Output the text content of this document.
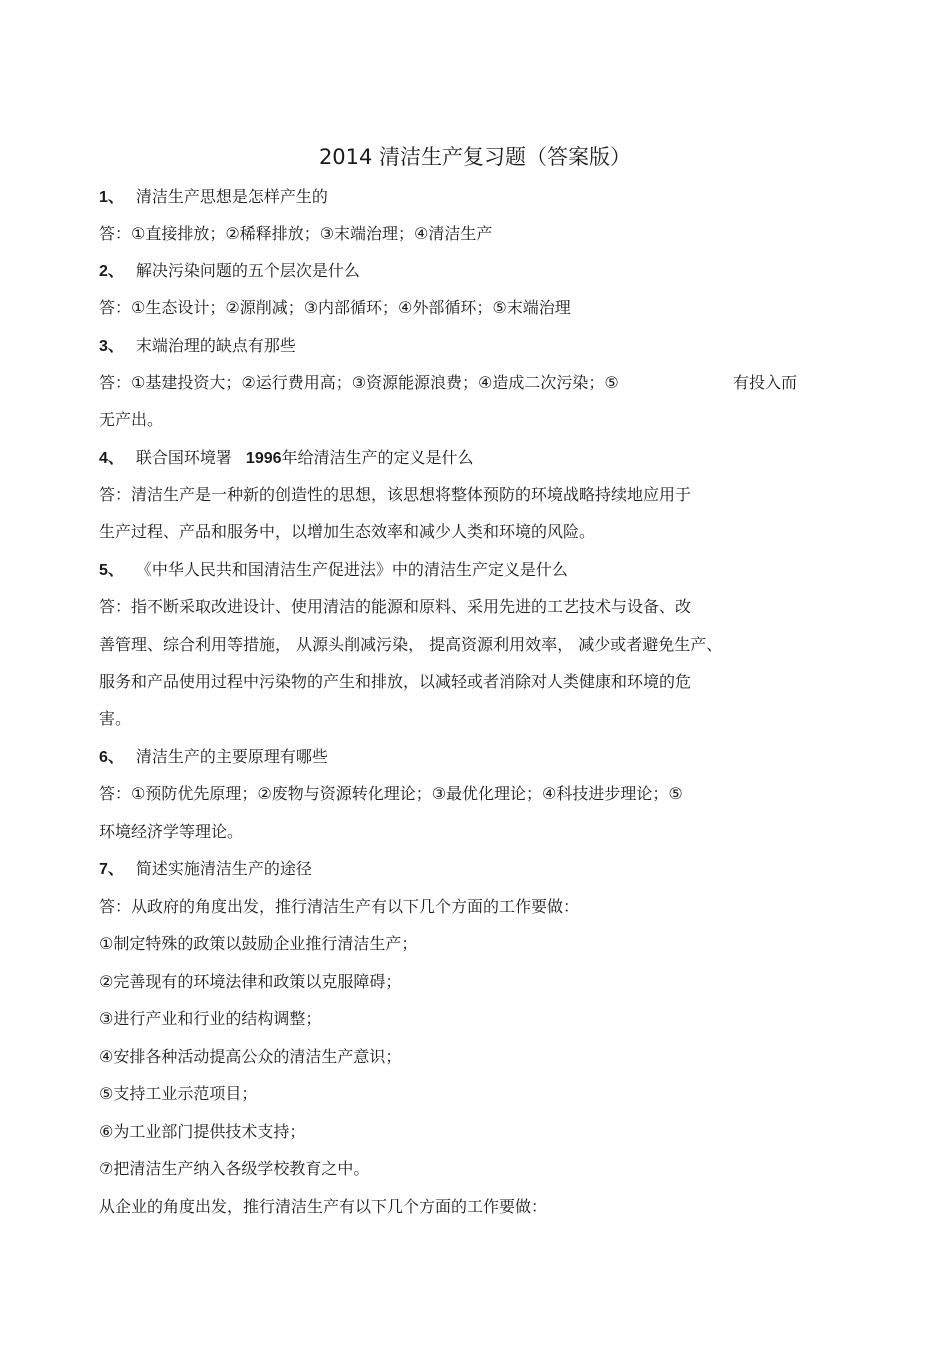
2014 清洁生产复习题（答案版）
1、 清洁生产思想是怎样产生的
答：①直接排放；②稀释排放；③末端治理；④清洁生产
2、 解决污染问题的五个层次是什么
答：①生态设计；②源削减；③内部循环；④外部循环；⑤末端治理
3、 末端治理的缺点有那些
答：①基建投资大；②运行费用高；③资源能源浪费；④造成二次污染；⑤	有投入而
无产出。
4、 联合国环境署 1996年给清洁生产的定义是什么
答：清洁生产是一种新的创造性的思想，该思想将整体预防的环境战略持续地应用于
生产过程、产品和服务中，以增加生态效率和减少人类和环境的风险。
5、 《中华人民共和国清洁生产促进法》中的清洁生产定义是什么
答：指不断采取改进设计、使用清洁的能源和原料、采用先进的工艺技术与设备、改
善管理、综合利用等措施， 从源头削减污染， 提高资源利用效率， 减少或者避免生产、
服务和产品使用过程中污染物的产生和排放，以减轻或者消除对人类健康和环境的危
害。
6、 清洁生产的主要原理有哪些
答：①预防优先原理；②废物与资源转化理论；③最优化理论；④科技进步理论；⑤
环境经济学等理论。
7、 简述实施清洁生产的途径
答：从政府的角度出发，推行清洁生产有以下几个方面的工作要做：
①制定特殊的政策以鼓励企业推行清洁生产；
②完善现有的环境法律和政策以克服障碍；
③进行产业和行业的结构调整；
④安排各种活动提高公众的清洁生产意识；
⑤支持工业示范项目；
⑥为工业部门提供技术支持；
⑦把清洁生产纳入各级学校教育之中。
从企业的角度出发，推行清洁生产有以下几个方面的工作要做：
